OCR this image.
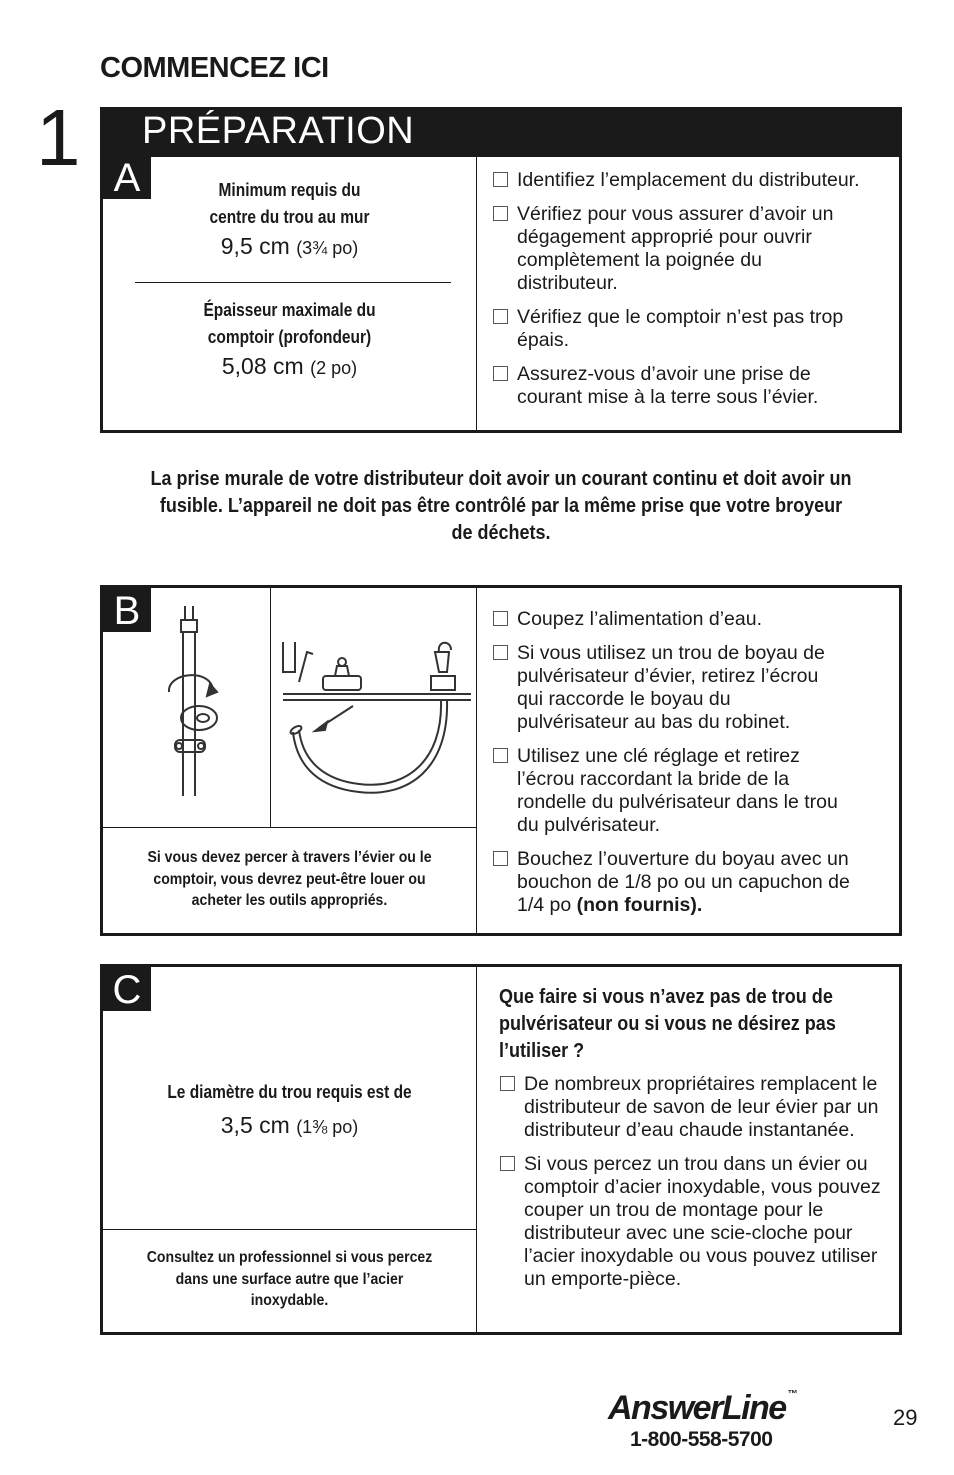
COMMENCEZ ICI
1 PRÉPARATION
A	Minimum requis du
centre du trou au mur
9,5 cm (3¾ po)
Épaisseur maximale du
comptoir (profondeur)
5,08 cm (2 po)
Identifiez l’emplacement du distributeur.
Vérifiez pour vous assurer d’avoir un dégagement approprié pour ouvrir complètement la poignée du distributeur.
Vérifiez que le comptoir n’est pas trop épais.
Assurez-vous d’avoir une prise de courant mise à la terre sous l’évier.
La prise murale de votre distributeur doit avoir un courant continu et doit avoir un fusible. L’appareil ne doit pas être contrôlé par la même prise que votre broyeur de déchets.
B
Si vous devez percer à travers l’évier ou le comptoir, vous devrez peut-être louer ou acheter les outils appropriés.
Coupez l’alimentation d’eau.
Si vous utilisez un trou de boyau de pulvérisateur d’évier, retirez l’écrou qui raccorde le boyau du pulvérisateur au bas du robinet.
Utilisez une clé réglage et retirez l’écrou raccordant la bride de la rondelle du pulvérisateur dans le trou du pulvérisateur.
Bouchez l’ouverture du boyau avec un bouchon de 1/8 po ou un capuchon de 1/4 po (non fournis).
C
Le diamètre du trou requis est de
3,5 cm (1⅜ po)
Consultez un professionnel si vous percez dans une surface autre que l’acier inoxydable.
Que faire si vous n’avez pas de trou de pulvérisateur ou si vous ne désirez pas l’utiliser ?
De nombreux propriétaires remplacent le distributeur de savon de leur évier par un distributeur d’eau chaude instantanée.
Si vous percez un trou dans un évier ou comptoir d’acier inoxydable, vous pouvez couper un trou de montage pour le distributeur avec une scie-cloche pour l’acier inoxydable ou vous pouvez utiliser un emporte-pièce.
AnswerLine ™
1-800-558-5700
29
